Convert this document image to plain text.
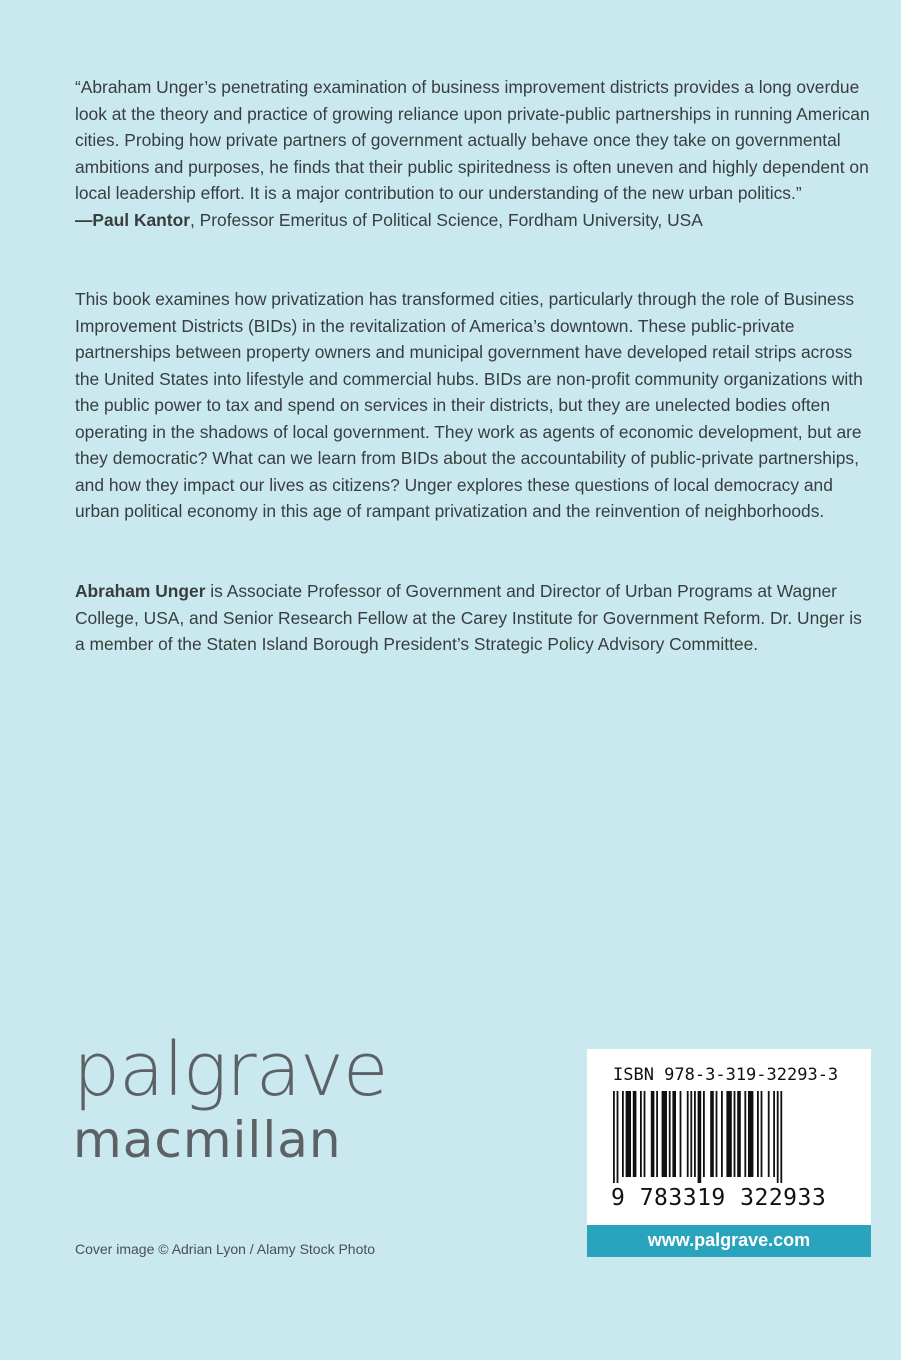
“Abraham Unger’s penetrating examination of business improvement districts provides a long overdue look at the theory and practice of growing reliance upon private-public partnerships in running American cities. Probing how private partners of government actually behave once they take on governmental ambitions and purposes, he finds that their public spiritedness is often uneven and highly dependent on local leadership effort. It is a major contribution to our understanding of the new urban politics.”

—Paul Kantor, Professor Emeritus of Political Science, Fordham University, USA

This book examines how privatization has transformed cities, particularly through the role of Business Improvement Districts (BIDs) in the revitalization of America’s downtown. These public-private partnerships between property owners and municipal government have developed retail strips across the United States into lifestyle and commercial hubs. BIDs are non-profit community organizations with the public power to tax and spend on services in their districts, but they are unelected bodies often operating in the shadows of local government. They work as agents of economic development, but are they democratic? What can we learn from BIDs about the accountability of public-private partnerships, and how they impact our lives as citizens? Unger explores these questions of local democracy and urban political economy in this age of rampant privatization and the reinvention of neighborhoods.

Abraham Unger is Associate Professor of Government and Director of Urban Programs at Wagner College, USA, and Senior Research Fellow at the Carey Institute for Government Reform. Dr. Unger is a member of the Staten Island Borough President’s Strategic Policy Advisory Committee.

palgrave
macmillan
Cover image © Adrian Lyon / Alamy Stock Photo
ISBN 978-3-319-32293-3
9 783319 322933
www.palgrave.com
